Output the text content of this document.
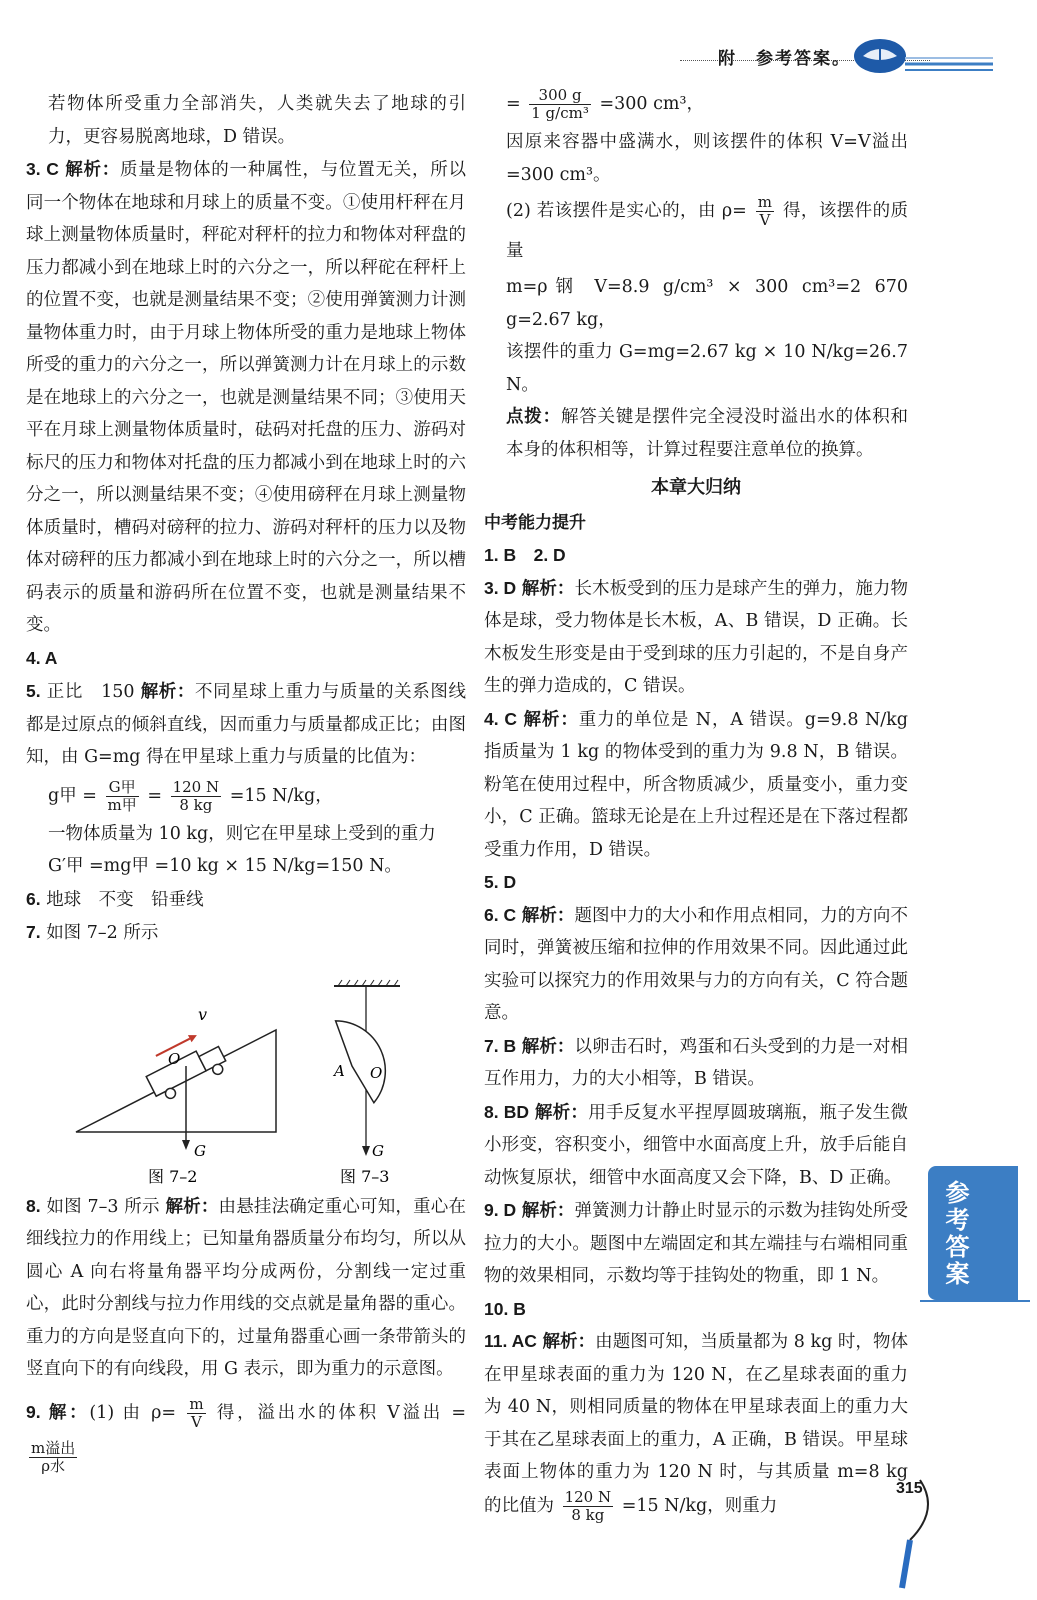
附　参考答案。

若物体所受重力全部消失，人类就失去了地球的引力，更容易脱离地球，D 错误。

3. C 解析：质量是物体的一种属性，与位置无关，所以同一个物体在地球和月球上的质量不变。①使用杆秤在月球上测量物体质量时，秤砣对秤杆的拉力和物体对秤盘的压力都减小到在地球上时的六分之一，所以秤砣在秤杆上的位置不变，也就是测量结果不变；②使用弹簧测力计测量物体重力时，由于月球上物体所受的重力是地球上物体所受的重力的六分之一，所以弹簧测力计在月球上的示数是在地球上的六分之一，也就是测量结果不同；③使用天平在月球上测量物体质量时，砝码对托盘的压力、游码对标尺的压力和物体对托盘的压力都减小到在地球上时的六分之一，所以测量结果不变；④使用磅秤在月球上测量物体质量时，槽码对磅秤的拉力、游码对秤杆的压力以及物体对磅秤的压力都减小到在地球上时的六分之一，所以槽码表示的质量和游码所在位置不变，也就是测量结果不变。

4. A

5. 正比　150 解析：不同星球上重力与质量的关系图线都是过原点的倾斜直线，因而重力与质量都成正比；由图知，由 G=mg 得在甲星球上重力与质量的比值为：

g甲 = $\frac{\text{G甲}}{\text{m甲}} = \frac{120 N}{8 kg} =15$ N/kg，

一物体质量为 10 kg，则它在甲星球上受到的重力

G′甲 =mg甲 =10 kg × 15 N/kg=150 N。

6. 地球　不变　铅垂线

7. 如图 7–2 所示

8. 如图 7–3 所示 解析：由悬挂法确定重心可知，重心在细线拉力的作用线上；已知量角器质量分布均匀，所以从圆心 A 向右将量角器平均分成两份，分割线一定过重心，此时分割线与拉力作用线的交点就是量角器的重心。重力的方向是竖直向下的，过量角器重心画一条带箭头的竖直向下的有向线段，用 G 表示，即为重力的示意图。

9. 解：(1) 由 $\rho= \frac{m}{V}$ 得，溢出水的体积 V溢出 =
$\frac{\text{m溢出}}{\text{ρ水}}$

v
O
G
图 7–2
A O
G
图 7–3

= $\frac{300 g}{\text{1 g/cm³}} =300$ cm³，

因原来容器中盛满水，则该摆件的体积 V=V溢出 =300 cm³。

(2) 若该摆件是实心的，由 $\rho= \frac{m}{V}$ 得，该摆件的质量

m=ρ钢 V=8.9 g/cm³ × 300 cm³=2 670 g=2.67 kg，

该摆件的重力 G=mg=2.67 kg × 10 N/kg=26.7 N。

点拨：解答关键是摆件完全浸没时溢出水的体积和本身的体积相等，计算过程要注意单位的换算。

本章大归纳
中考能力提升

1. B　2. D

3. D 解析：长木板受到的压力是球产生的弹力，施力物体是球，受力物体是长木板，A、B 错误，D 正确。长木板发生形变是由于受到球的压力引起的，不是自身产生的弹力造成的，C 错误。

4. C 解析：重力的单位是 N，A 错误。g=9.8 N/kg 指质量为 1 kg 的物体受到的重力为 9.8 N，B 错误。粉笔在使用过程中，所含物质减少，质量变小，重力变小，C 正确。篮球无论是在上升过程还是在下落过程都受重力作用，D 错误。

5. D

6. C 解析：题图中力的大小和作用点相同，力的方向不同时，弹簧被压缩和拉伸的作用效果不同。因此通过此实验可以探究力的作用效果与力的方向有关，C 符合题意。

7. B 解析：以卵击石时，鸡蛋和石头受到的力是一对相互作用力，力的大小相等，B 错误。

8. BD 解析：用手反复水平捏厚圆玻璃瓶，瓶子发生微小形变，容积变小，细管中水面高度上升，放手后能自动恢复原状，细管中水面高度又会下降，B、D 正确。

9. D 解析：弹簧测力计静止时显示的示数为挂钩处所受拉力的大小。题图中左端固定和其左端挂与右端相同重物的效果相同，示数均等于挂钩处的物重，即 1 N。

10. B

11. AC 解析：由题图可知，当质量都为 8 kg 时，物体在甲星球表面的重力为 120 N，在乙星球表面的重力为 40 N，则相同质量的物体在甲星球表面上的重力大于其在乙星球表面上的重力，A 正确，B 错误。甲星球表面上物体的重力为 120 N 时，与其质量 m=8 kg 的比值为 $\frac{120 N}{8 kg} =15$ N/kg，则重力

参考答案
315
